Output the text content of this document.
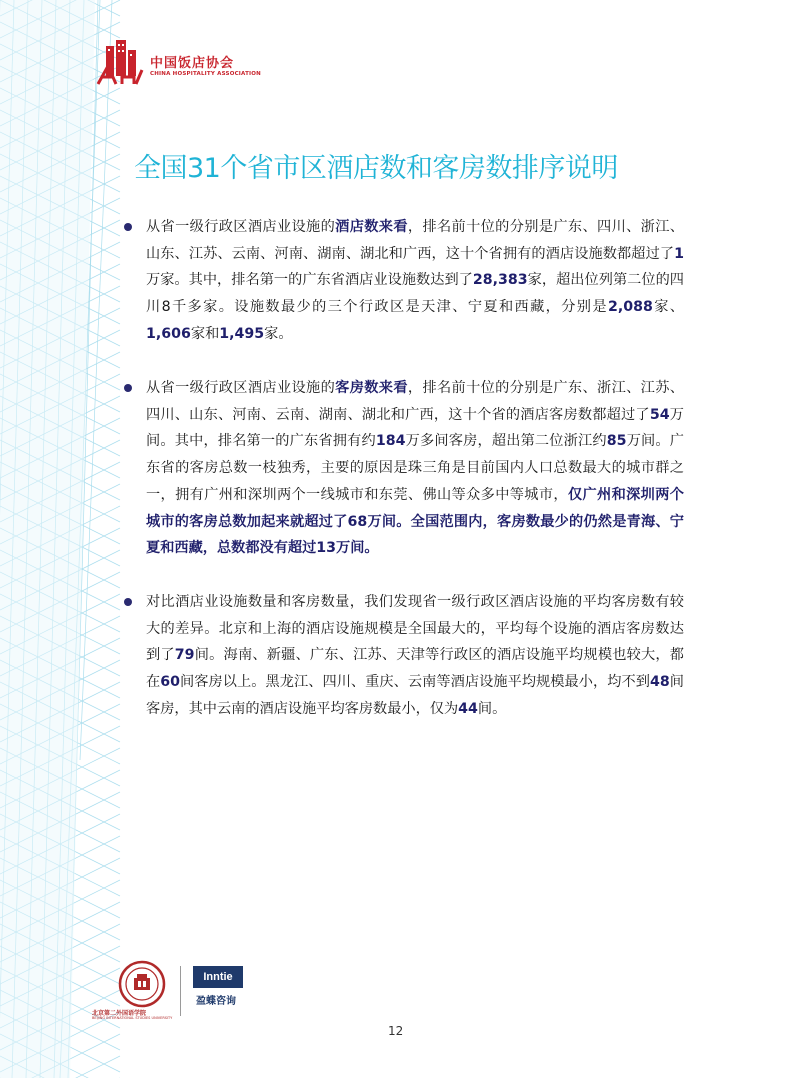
中国饭店协会
CHINA HOSPITALITY ASSOCIATION
全国31个省市区酒店数和客房数排序说明

从省一级行政区酒店业设施的酒店数来看，排名前十位的分别是广东、四川、浙江、山东、江苏、云南、河南、湖南、湖北和广西，这十个省拥有的酒店设施数都超过了1万家。其中，排名第一的广东省酒店业设施数达到了28,383家，超出位列第二位的四川8千多家。设施数最少的三个行政区是天津、宁夏和西藏，分别是2,088家、1,606家和1,495家。

从省一级行政区酒店业设施的客房数来看，排名前十位的分别是广东、浙江、江苏、四川、山东、河南、云南、湖南、湖北和广西，这十个省的酒店客房数都超过了54万间。其中，排名第一的广东省拥有约184万多间客房，超出第二位浙江约85万间。广东省的客房总数一枝独秀，主要的原因是珠三角是目前国内人口总数最大的城市群之一，拥有广州和深圳两个一线城市和东莞、佛山等众多中等城市，仅广州和深圳两个城市的客房总数加起来就超过了68万间。全国范围内，客房数最少的仍然是青海、宁夏和西藏，总数都没有超过13万间。

对比酒店业设施数量和客房数量，我们发现省一级行政区酒店设施的平均客房数有较大的差异。北京和上海的酒店设施规模是全国最大的，平均每个设施的酒店客房数达到了79间。海南、新疆、广东、江苏、天津等行政区的酒店设施平均规模也较大，都在60间客房以上。黑龙江、四川、重庆、云南等酒店设施平均规模最小，均不到48间客房，其中云南的酒店设施平均客房数最小，仅为44间。

北京第二外国语学院
BEIJING INTERNATIONAL STUDIES UNIVERSITY
Inntie
盈蝶咨询
12
